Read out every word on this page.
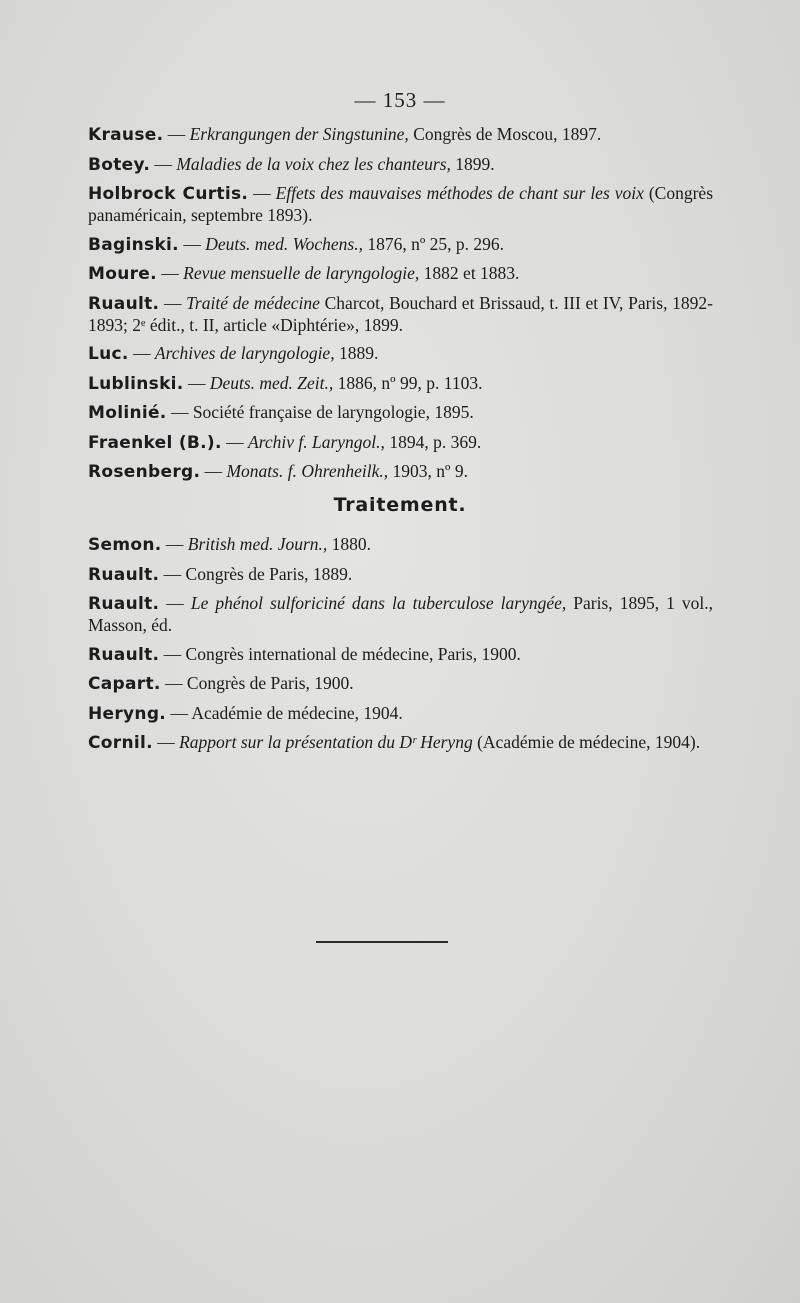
— 153 —

Krause. — Erkrangungen der Singstunine, Congrès de Moscou, 1897.

Botey. — Maladies de la voix chez les chanteurs, 1899.

Holbrock Curtis. — Effets des mauvaises méthodes de chant sur les voix (Congrès panaméricain, septembre 1893).

Baginski. — Deuts. med. Wochens., 1876, nº 25, p. 296.

Moure. — Revue mensuelle de laryngologie, 1882 et 1883.

Ruault. — Traité de médecine Charcot, Bouchard et Brissaud, t. III et IV, Paris, 1892-1893; 2ᵉ édit., t. II, article «Diphtérie», 1899.

Luc. — Archives de laryngologie, 1889.

Lublinski. — Deuts. med. Zeit., 1886, nº 99, p. 1103.

Molinié. — Société française de laryngologie, 1895.

Fraenkel (B.). — Archiv f. Laryngol., 1894, p. 369.

Rosenberg. — Monats. f. Ohrenheilk., 1903, nº 9.

Traitement.

Semon. — British med. Journ., 1880.

Ruault. — Congrès de Paris, 1889.

Ruault. — Le phénol sulforiciné dans la tuberculose laryngée, Paris, 1895, 1 vol., Masson, éd.

Ruault. — Congrès international de médecine, Paris, 1900.

Capart. — Congrès de Paris, 1900.

Heryng. — Académie de médecine, 1904.

Cornil. — Rapport sur la présentation du Dʳ Heryng (Académie de médecine, 1904).
